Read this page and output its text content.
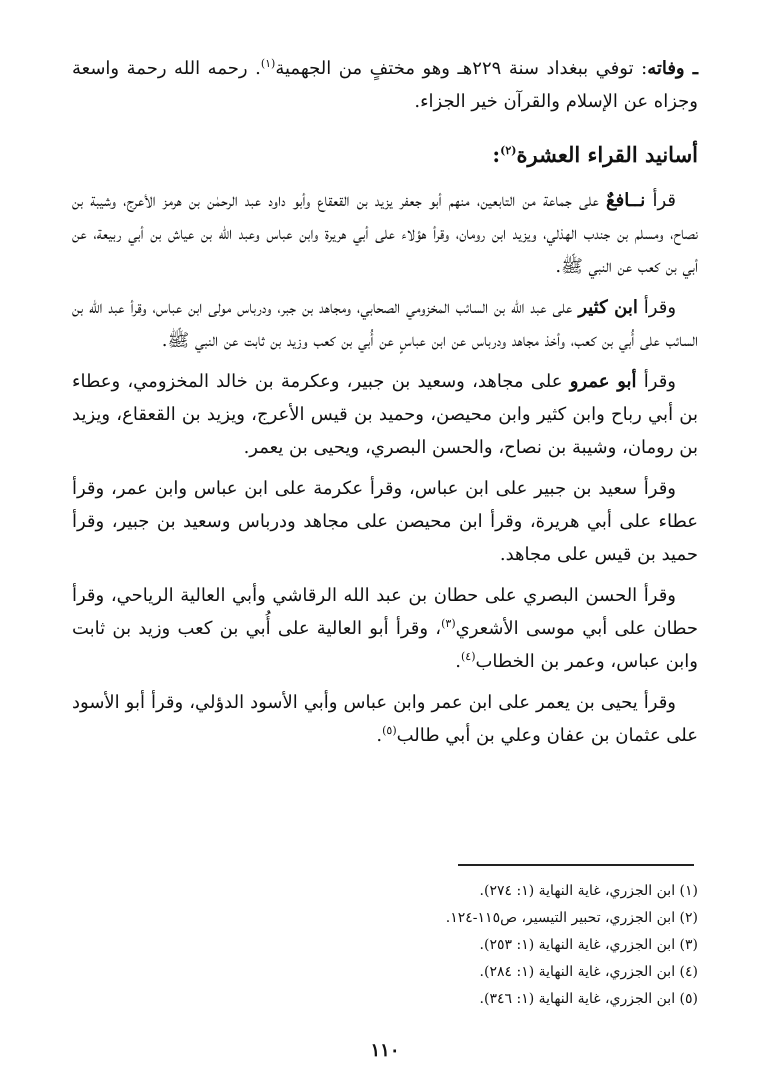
ـ وفاته: توفي ببغداد سنة ٢٢٩هـ وهو مختفٍ من الجهمية$^{(١)}$. رحمه الله رحمة واسعة وجزاه عن الإسلام والقرآن خير الجزاء.

أسانيد القراء العشرة$^{(٢)}$:

قرأ نــافعٌ على جماعة من التابعين، منهم أبو جعفر يزيد بن القعقاع وأبو داود عبد الرحمٰن بن هرمز الأعرج، وشيبة بن نصاح، ومسلم بن جندب الهذلي، ويزيد ابن رومان، وقرأ هؤلاء على أبي هريرة وابن عباس وعبد الله بن عياش بن أبي ربيعة، عن أبي بن كعب عن النبي ﷺ.

وقرأ ابن كثير على عبد الله بن السائب المخزومي الصحابي، ومجاهد بن جبر، ودرباس مولى ابن عباس، وقرأ عبد الله بن السائب على أُبي بن كعب، وأخذ مجاهد ودرباس عن ابن عباسٍ عن أُبي بن كعب وزيد بن ثابت عن النبي ﷺ.

وقرأ أبو عمرو على مجاهد، وسعيد بن جبير، وعكرمة بن خالد المخزومي، وعطاء بن أبي رباح وابن كثير وابن محيصن، وحميد بن قيس الأعرج، ويزيد بن القعقاع، ويزيد بن رومان، وشيبة بن نصاح، والحسن البصري، ويحيى بن يعمر.

وقرأ سعيد بن جبير على ابن عباس، وقرأ عكرمة على ابن عباس وابن عمر، وقرأ عطاء على أبي هريرة، وقرأ ابن محيصن على مجاهد ودرباس وسعيد بن جبير، وقرأ حميد بن قيس على مجاهد.

وقرأ الحسن البصري على حطان بن عبد الله الرقاشي وأبي العالية الرياحي، وقرأ حطان على أبي موسى الأشعري$^{(٣)}$، وقرأ أبو العالية على أُبي بن كعب وزيد بن ثابت وابن عباس، وعمر بن الخطاب$^{(٤)}$.

وقرأ يحيى بن يعمر على ابن عمر وابن عباس وأبي الأسود الدؤلي، وقرأ أبو الأسود على عثمان بن عفان وعلي بن أبي طالب$^{(٥)}$.

(١) ابن الجزري، غاية النهاية (١: ٢٧٤).
(٢) ابن الجزري، تحبير التيسير، ص١١٥-١٢٤.
(٣) ابن الجزري، غاية النهاية (١: ٢٥٣).
(٤) ابن الجزري، غاية النهاية (١: ٢٨٤).
(٥) ابن الجزري، غاية النهاية (١: ٣٤٦).
١١٠
